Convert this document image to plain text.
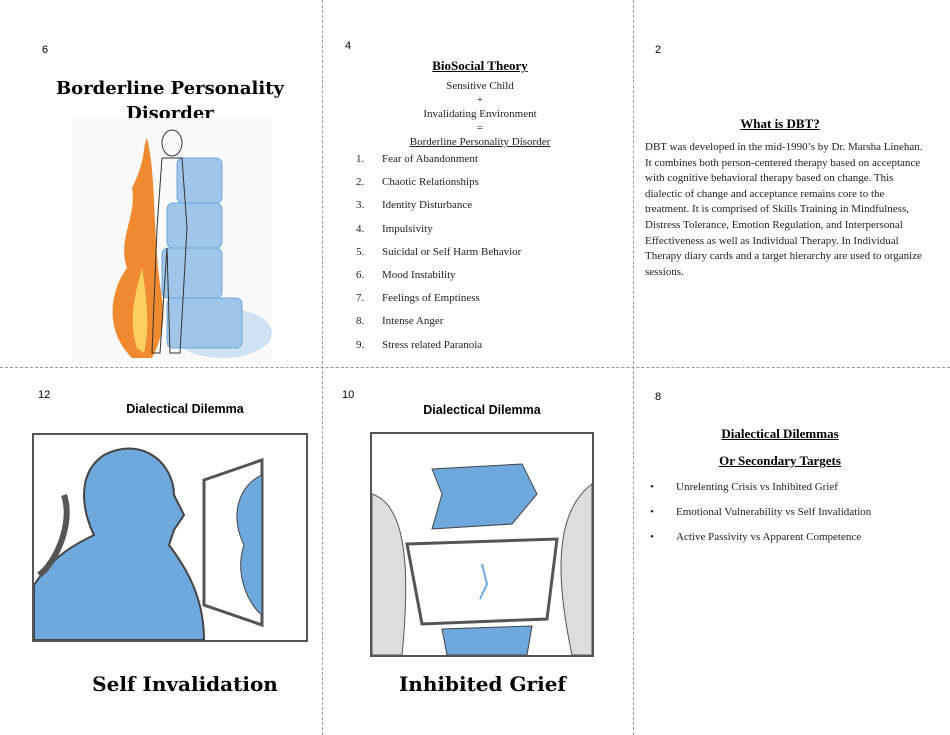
6
Borderline Personality
Disorder
4
BioSocial Theory
Sensitive Child
+
Invalidating Environment
=
Borderline Personality Disorder
1.	Fear of Abandonment
2.	Chaotic Relationships
3.	Identity Disturbance
4.	Impulsivity
5.	Suicidal or Self Harm Behavior
6.	Mood Instability
7.	Feelings of Emptiness
8.	Intense Anger
9.	Stress related Paranoia
2
What is DBT?
DBT was developed in the mid-1990’s by Dr. Marsha Linehan. It combines both person-centered therapy based on acceptance with cognitive behavioral therapy based on change. This dialectic of change and acceptance remains core to the treatment. It is comprised of Skills Training in Mindfulness, Distress Tolerance, Emotion Regulation, and Interpersonal Effectiveness as well as Individual Therapy. In Individual Therapy diary cards and a target hierarchy are used to organize sessions.
12
Dialectical Dilemma
Self Invalidation
10
Dialectical Dilemma
Inhibited Grief
8
Dialectical Dilemmas
Or Secondary Targets
•	Unrelenting Crisis vs Inhibited Grief
•	Emotional Vulnerability vs Self Invalidation
•	Active Passivity vs Apparent Competence
